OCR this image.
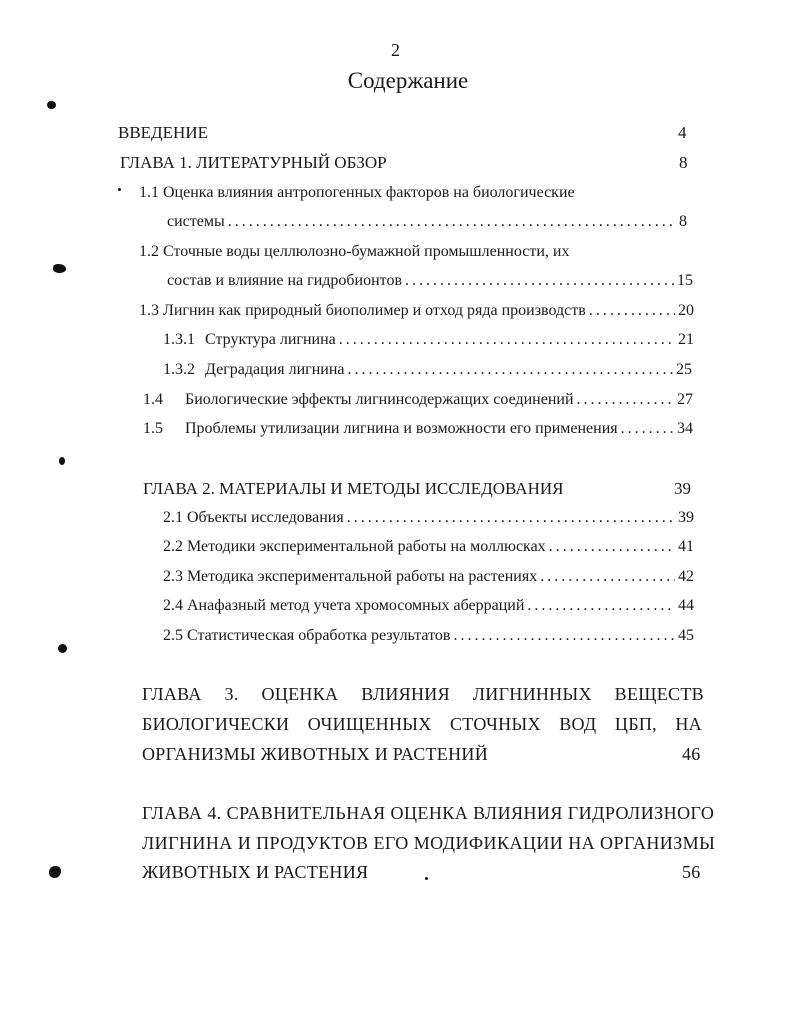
2
Содержание
ВВЕДЕНИЕ	4
ГЛАВА 1. ЛИТЕРАТУРНЫЙ ОБЗОР	8
1.1 Оценка влияния антропогенных факторов на биологические
системы .....	8
1.2 Сточные воды целлюлозно-бумажной промышленности, их
состав и влияние на гидробионтов .....	15
1.3 Лигнин как природный биополимер и отход ряда производств .....	20
1.3.1 Структура лигнина .....	21
1.3.2 Деградация лигнина .....	25
1.4 Биологические эффекты лигнинсодержащих соединений .....	27
1.5 Проблемы утилизации лигнина и возможности его применения .....	34
ГЛАВА 2. МАТЕРИАЛЫ И МЕТОДЫ ИССЛЕДОВАНИЯ	39
2.1 Объекты исследования .....	39
2.2 Методики экспериментальной работы на моллюсках .....	41
2.3 Методика экспериментальной работы на растениях .....	42
2.4 Анафазный метод учета хромосомных аберраций .....	44
2.5 Статистическая обработка результатов .....	45
ГЛАВА 3. ОЦЕНКА ВЛИЯНИЯ ЛИГНИННЫХ ВЕЩЕСТВ
БИОЛОГИЧЕСКИ ОЧИЩЕННЫХ СТОЧНЫХ ВОД ЦБП, НА
ОРГАНИЗМЫ ЖИВОТНЫХ И РАСТЕНИЙ	46
ГЛАВА 4. СРАВНИТЕЛЬНАЯ ОЦЕНКА ВЛИЯНИЯ ГИДРОЛИЗНОГО
ЛИГНИНА И ПРОДУКТОВ ЕГО МОДИФИКАЦИИ НА ОРГАНИЗМЫ
ЖИВОТНЫХ И РАСТЕНИЯ	56
